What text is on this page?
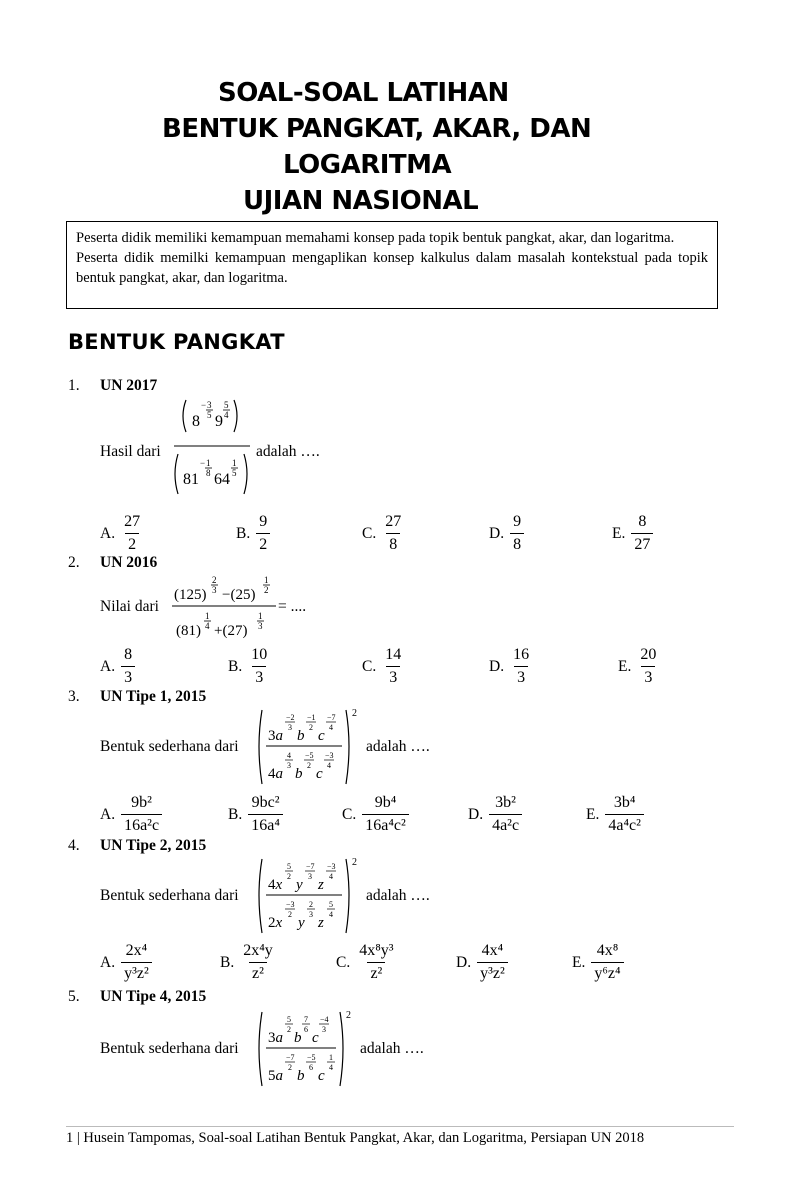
SOAL-SOAL LATIHAN
BENTUK PANGKAT, AKAR, DAN
LOGARITMA
UJIAN NASIONAL

Peserta didik memiliki kemampuan memahami konsep pada topik bentuk pangkat, akar, dan logaritma.

Peserta didik memilki kemampuan mengaplikan konsep kalkulus dalam masalah kontekstual pada topik bentuk pangkat, akar, dan logaritma.

BENTUK PANGKAT
1. UN 2017
Hasil dari
8
− 3
5 9
5
4
81
− 1
8 64
1
5
adalah ….
A. $\frac{27}{2}$	B. $\frac{9}{2}$	C. $\frac{27}{8}$	D. $\frac{9}{8}$	E. $\frac{8}{27}$
2. UN 2016
Nilai dari
(125)
2
3 −(25)
1
2
(81)
1
4 +(27)
1
3
= ....
A. $\frac{8}{3}$	B. $\frac{10}{3}$	C. $\frac{14}{3}$	D. $\frac{16}{3}$	E. $\frac{20}{3}$
3. UN Tipe 1, 2015
Bentuk sederhana dari
2
3a
−2
3
b
−1
2
c
−7
4
4a
4
3
b
−5
2
c
−3
4
adalah ….
A. $\frac{\text{9b²}}{\text{16a²c}}$	B. $\frac{\text{9bc²}}{\text{16a⁴}}$	C. $\frac{\text{9b⁴}}{\text{16a⁴c²}}$	D. $\frac{\text{3b²}}{\text{4a²c}}$	E. $\frac{\text{3b⁴}}{\text{4a⁴c²}}$
4. UN Tipe 2, 2015
Bentuk sederhana dari
2
4x
5
2
y
−7
3
z
−3
4
2x
−3
2
y
2
3
z
5
4
adalah ….
A. $\frac{\text{2x⁴}}{\text{y³z²}}$	B. $\frac{\text{2x⁴y}}{\text{z²}}$	C. $\frac{\text{4x⁸y³}}{\text{z²}}$	D. $\frac{\text{4x⁴}}{\text{y³z²}}$	E. $\frac{\text{4x⁸}}{\text{y⁶z⁴}}$
5. UN Tipe 4, 2015
Bentuk sederhana dari
2
3a
5
2
b
7
6
c
−4
3
5a
−7
2
b
−5
6
c
1
4
adalah ….
1 | Husein Tampomas, Soal-soal Latihan Bentuk Pangkat, Akar, dan Logaritma, Persiapan UN 2018
